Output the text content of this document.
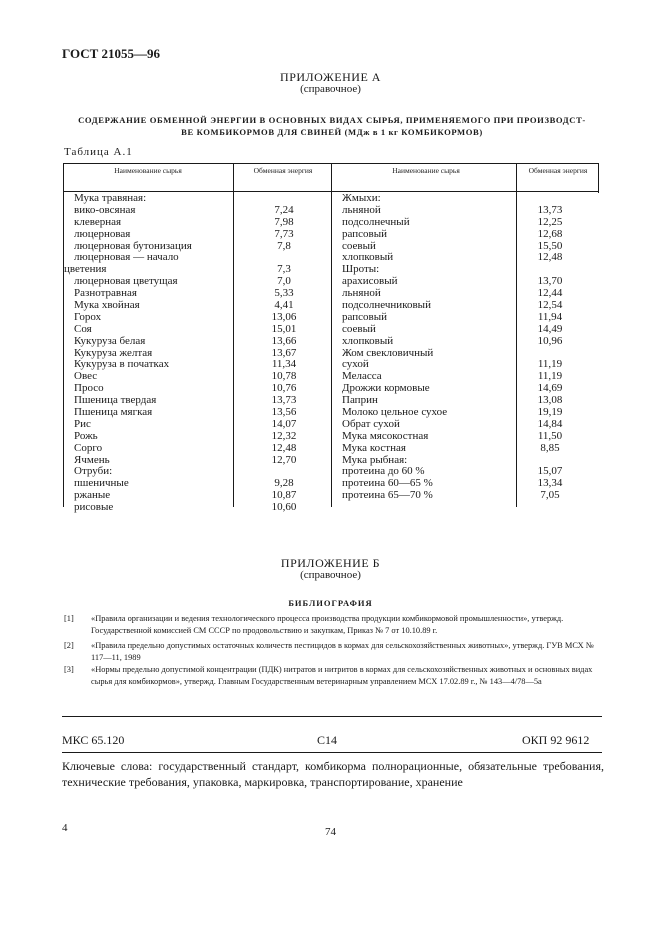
ГОСТ 21055—96
ПРИЛОЖЕНИЕ А
(справочное)
СОДЕРЖАНИЕ ОБМЕННОЙ ЭНЕРГИИ В ОСНОВНЫХ ВИДАХ СЫРЬЯ, ПРИМЕНЯЕМОГО ПРИ ПРОИЗВОДСТ-
ВЕ КОМБИКОРМОВ ДЛЯ СВИНЕЙ (МДж в 1 кг КОМБИКОРМОВ)
Таблица А.1
Наименование сырья	Обменная энергия	Наименование сырья	Обменная энергия
Мука травяная:
вико-овсяная	7,24
клеверная	7,98
люцерновая	7,73
люцерновая бутонизация	7,8
люцерновая — начало
цветения	7,3
люцерновая цветущая	7,0
Разнотравная	5,33
Мука хвойная	4,41
Горох	13,06
Соя	15,01
Кукуруза белая	13,66
Кукуруза желтая	13,67
Кукуруза в початках	11,34
Овес	10,78
Просо	10,76
Пшеница твердая	13,73
Пшеница мягкая	13,56
Рис	14,07
Рожь	12,32
Сорго	12,48
Ячмень	12,70
Отруби:
пшеничные	9,28
ржаные	10,87
рисовые	10,60
Жмыхи:
льняной	13,73
подсолнечный	12,25
рапсовый	12,68
соевый	15,50
хлопковый	12,48
Шроты:
арахисовый	13,70
льняной	12,44
подсолнечниковый	12,54
рапсовый	11,94
соевый	14,49
хлопковый	10,96
Жом свекловичный
сухой	11,19
Меласса	11,19
Дрожжи кормовые	14,69
Паприн	13,08
Молоко цельное сухое	19,19
Обрат сухой	14,84
Мука мясокостная	11,50
Мука костная	8,85
Мука рыбная:
протеина до 60 %	15,07
протеина 60—65 %	13,34
протеина 65—70 %	7,05
ПРИЛОЖЕНИЕ Б
(справочное)
БИБЛИОГРАФИЯ
[1] «Правила организации и ведения технологического процесса производства продукции комбикормовой промышленности», утвержд. Государственной комиссией СМ СССР по продовольствию и закупкам, Приказ № 7 от 10.10.89 г.
[2] «Правила предельно допустимых остаточных количеств пестицидов в кормах для сельскохозяйственных животных», утвержд. ГУВ МСХ № 117—11, 1989
[3] «Нормы предельно допустимой концентрации (ПДК) нитратов и нитритов в кормах для сельскохозяйственных животных и основных видах сырья для комбикормов», утвержд. Главным Государственным ветеринарным управлением МСХ 17.02.89 г., № 143—4/78—5а
МКС 65.120	С14	ОКП 92 9612
Ключевые слова: государственный стандарт, комбикорма полнорационные, обязательные требования, технические требования, упаковка, маркировка, транспортирование, хранение
4	74
